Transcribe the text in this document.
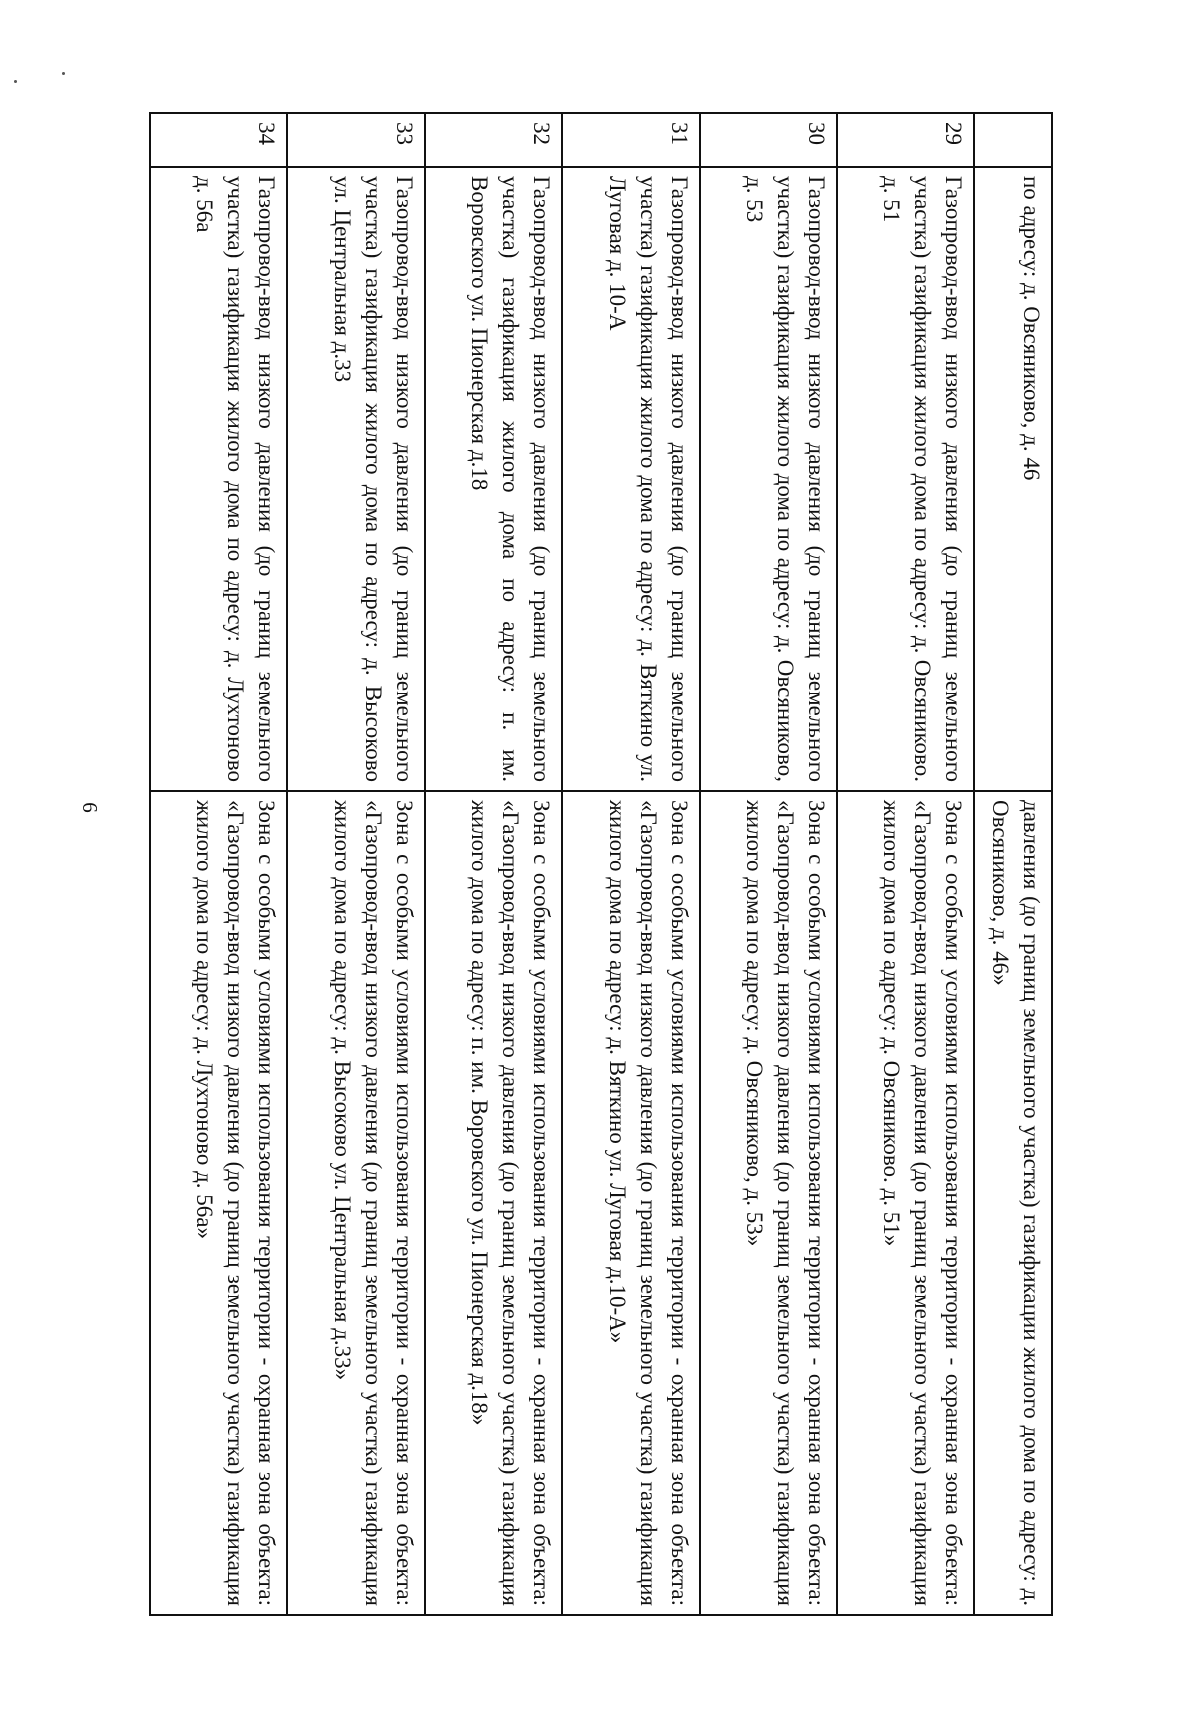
6
	по адресу: д. Овсяниково, д. 46	давления (до границ земельного участка) газификации жилого дома по адресу: д. Овсяниково, д. 46»
29	Газопровод-ввод низкого давления (до границ земельного участка) газификация жилого дома по адресу: д. Овсяниково. д. 51	Зона с особыми условиями использования территории - охранная зона объекта: «Газопровод-ввод низкого давления (до границ земельного участка) газификация жилого дома по адресу: д. Овсяниково. д. 51»
30	Газопровод-ввод низкого давления (до границ земельного участка) газификация жилого дома по адресу: д. Овсяниково, д. 53	Зона с особыми условиями использования территории - охранная зона объекта: «Газопровод-ввод низкого давления (до границ земельного участка) газификация жилого дома по адресу: д. Овсяниково, д. 53»
31	Газопровод-ввод низкого давления (до границ земельного участка) газификация жилого дома по адресу: д. Вяткино ул. Луговая д. 10-А	Зона с особыми условиями использования территории - охранная зона объекта: «Газопровод-ввод низкого давления (до границ земельного участка) газификация жилого дома по адресу: д. Вяткино ул. Луговая д.10-А»
32	Газопровод-ввод низкого давления (до границ земельного участка) газификация жилого дома по адресу: п. им. Воровского ул. Пионерская д.18	Зона с особыми условиями использования территории - охранная зона объекта: «Газопровод-ввод низкого давления (до границ земельного участка) газификация жилого дома по адресу: п. им. Воровского ул. Пионерская д.18»
33	Газопровод-ввод низкого давления (до границ земельного участка) газификация жилого дома по адресу: д. Высоково ул. Центральная д.33	Зона с особыми условиями использования территории - охранная зона объекта: «Газопровод-ввод низкого давления (до границ земельного участка) газификация жилого дома по адресу: д. Высоково ул. Центральная д.33»
34	Газопровод-ввод низкого давления (до границ земельного участка) газификация жилого дома по адресу: д. Лухтоново д. 56а	Зона с особыми условиями использования территории - охранная зона объекта: «Газопровод-ввод низкого давления (до границ земельного участка) газификация жилого дома по адресу: д. Лухтоново д. 56а»
